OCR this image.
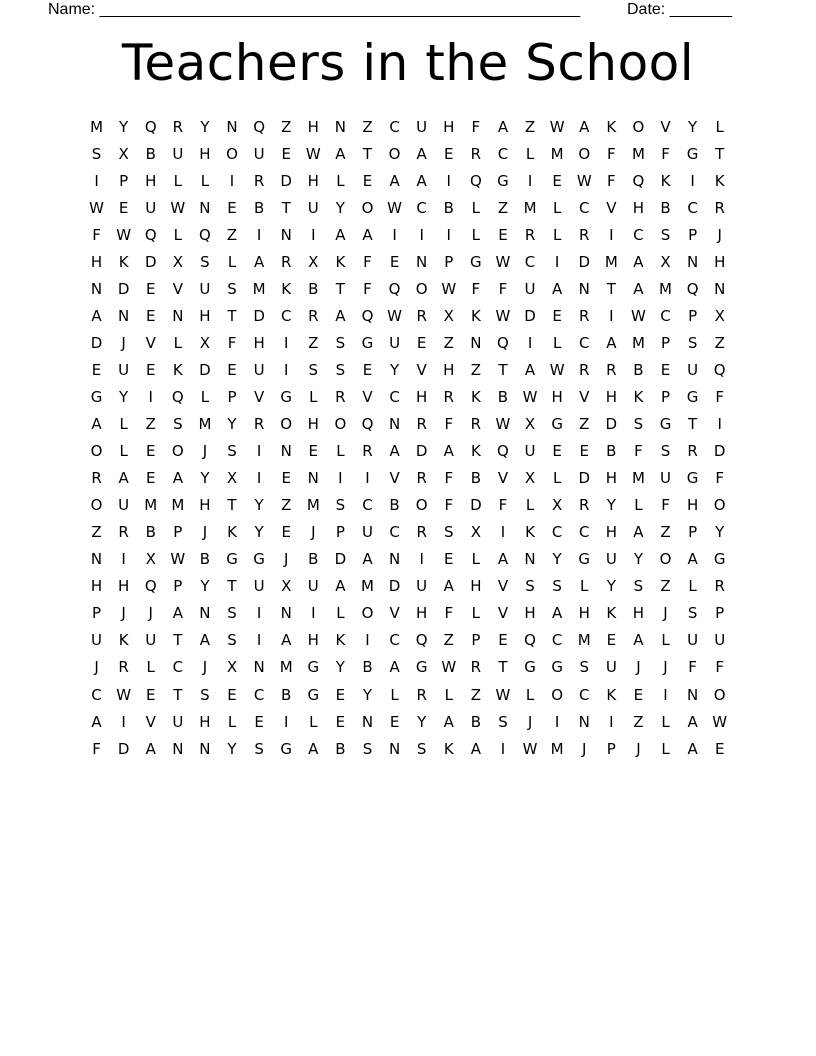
Name: ______________________________________________________	Date: _______
Teachers in the School
M	Y	Q	R	Y	N	Q	Z	H	N	Z	C	U	H	F	A	Z W A	K	O	V	Y	L
S	X	B	U	H	O	U	E W A	T	O	A	E	R	C	L	M O	F	M	F	G	T
I	P	H	L	L	I	R	D	H	L	E	A	A	I	Q	G	I	E W	F	Q	K	I	K
W E	U W N	E	B	T	U	Y	O W C	B	L	Z	M	L	C	V	H	B	C	R
F	W Q	L	Q	Z	I	N	I	A	A	I	I	I	L	E	R	L	R	I	C	S	P	J
H	K	D	X	S	L	A	R	X	K	F	E	N	P	G W C	I	D M	A	X	N	H
N	D	E	V	U	S	M	K	B	T	F	Q	O W	F	F	U	A	N	T	A	M Q	N
A	N	E	N	H	T	D	C	R	A	Q W R	X	K W D	E	R	I	W C	P	X
D	J	V	L	X	F	H	I	Z	S	G	U	E	Z	N	Q	I	L	C	A	M	P	S	Z
E	U	E	K	D	E	U	I	S	S	E	Y	V	H	Z	T	A W R	R	B	E	U	Q
G	Y	I	Q	L	P	V	G	L	R	V	C	H	R	K	B W H	V	H	K	P	G	F
A	L	Z	S	M	Y	R	O	H	O	Q	N	R	F	R W X	G	Z	D	S	G	T	I
O	L	E	O	J	S	I	N	E	L	R	A	D	A	K	Q	U	E	E	B	F	S	R	D
R	A	E	A	Y	X	I	E	N	I	I	V	R	F	B	V	X	L	D	H M	U	G	F
O	U	M M H	T	Y	Z	M	S	C	B	O	F	D	F	L	X	R	Y	L	F	H	O
Z	R	B	P	J	K	Y	E	J	P	U	C	R	S	X	I	K	C	C	H	A	Z	P	Y
N	I	X W B	G	G	J	B	D	A	N	I	E	L	A	N	Y	G	U	Y	O	A	G
H	H	Q	P	Y	T	U	X	U	A	M D	U	A	H	V	S	S	L	Y	S	Z	L	R
P	J	J	A	N	S	I	N	I	L	O	V	H	F	L	V	H	A	H	K	H	J	S	P
U	K	U	T	A	S	I	A	H	K	I	C	Q	Z	P	E	Q	C	M	E	A	L	U	U
J	R	L	C	J	X	N	M G	Y	B	A	G W R	T	G	G	S	U	J	J	F	F
C W E	T	S	E	C	B	G	E	Y	L	R	L	Z W	L	O	C	K	E	I	N	O
A	I	V	U	H	L	E	I	L	E	N	E	Y	A	B	S	J	I	N	I	Z	L	A W
F	D	A	N	N	Y	S	G	A	B	S	N	S	K	A	I	W M	J	P	J	L	A	E
